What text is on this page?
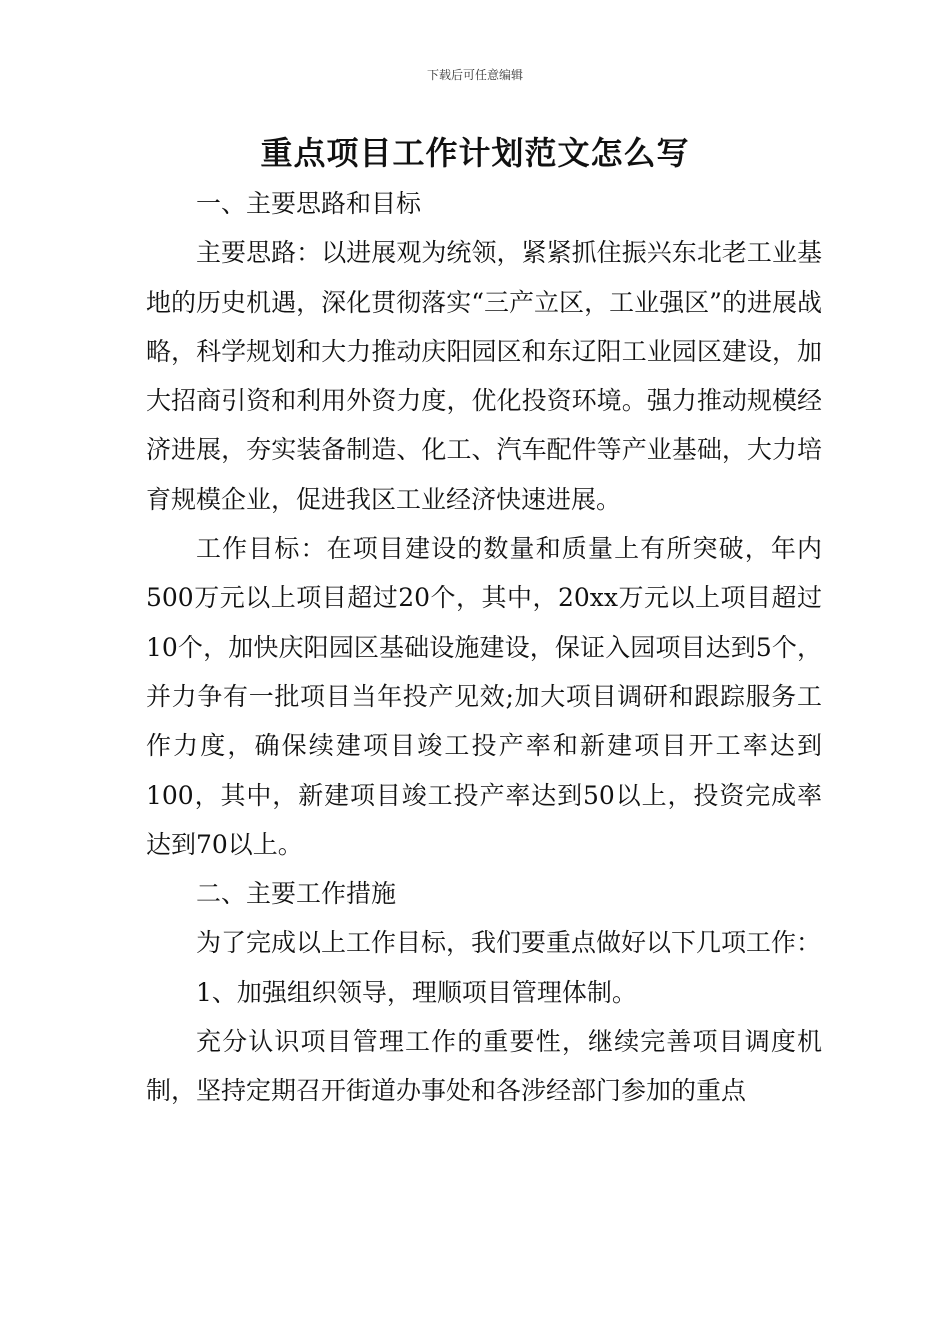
下载后可任意编辑
重点项目工作计划范文怎么写

一、主要思路和目标

主要思路：以进展观为统领，紧紧抓住振兴东北老工业基地的历史机遇，深化贯彻落实“三产立区，工业强区”的进展战略，科学规划和大力推动庆阳园区和东辽阳工业园区建设，加大招商引资和利用外资力度，优化投资环境。强力推动规模经济进展，夯实装备制造、化工、汽车配件等产业基础，大力培育规模企业，促进我区工业经济快速进展。

工作目标：在项目建设的数量和质量上有所突破，年内500万元以上项目超过20个，其中，20xx万元以上项目超过10个，加快庆阳园区基础设施建设，保证入园项目达到5个，并力争有一批项目当年投产见效;加大项目调研和跟踪服务工作力度，确保续建项目竣工投产率和新建项目开工率达到100，其中，新建项目竣工投产率达到50以上，投资完成率达到70以上。

二、主要工作措施

为了完成以上工作目标，我们要重点做好以下几项工作：

1、加强组织领导，理顺项目管理体制。

充分认识项目管理工作的重要性，继续完善项目调度机制，坚持定期召开街道办事处和各涉经部门参加的重点
